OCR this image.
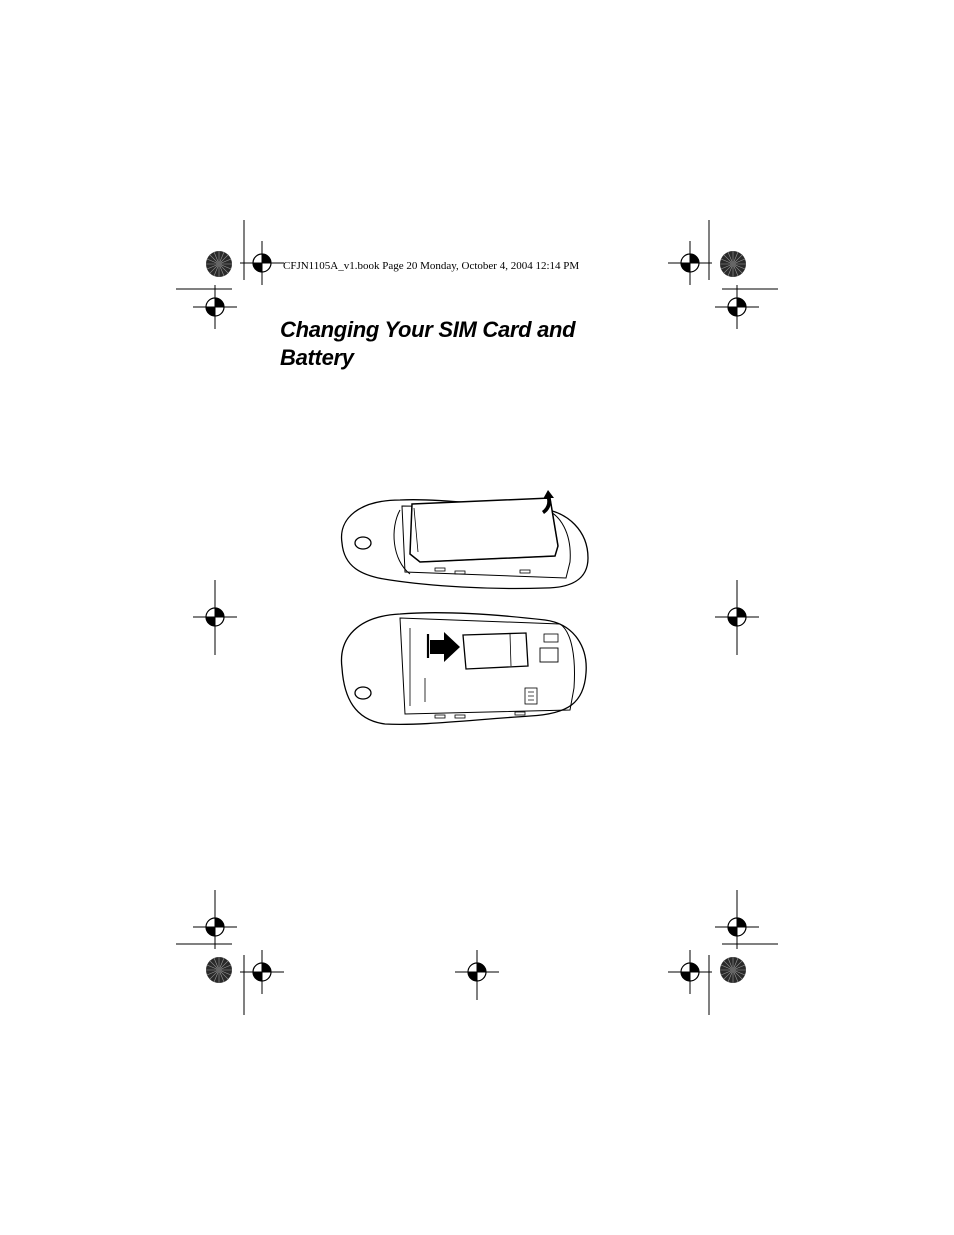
CFJN1105A_v1.book Page 20 Monday, October 4, 2004 12:14 PM
Changing Your SIM Card and
Battery
